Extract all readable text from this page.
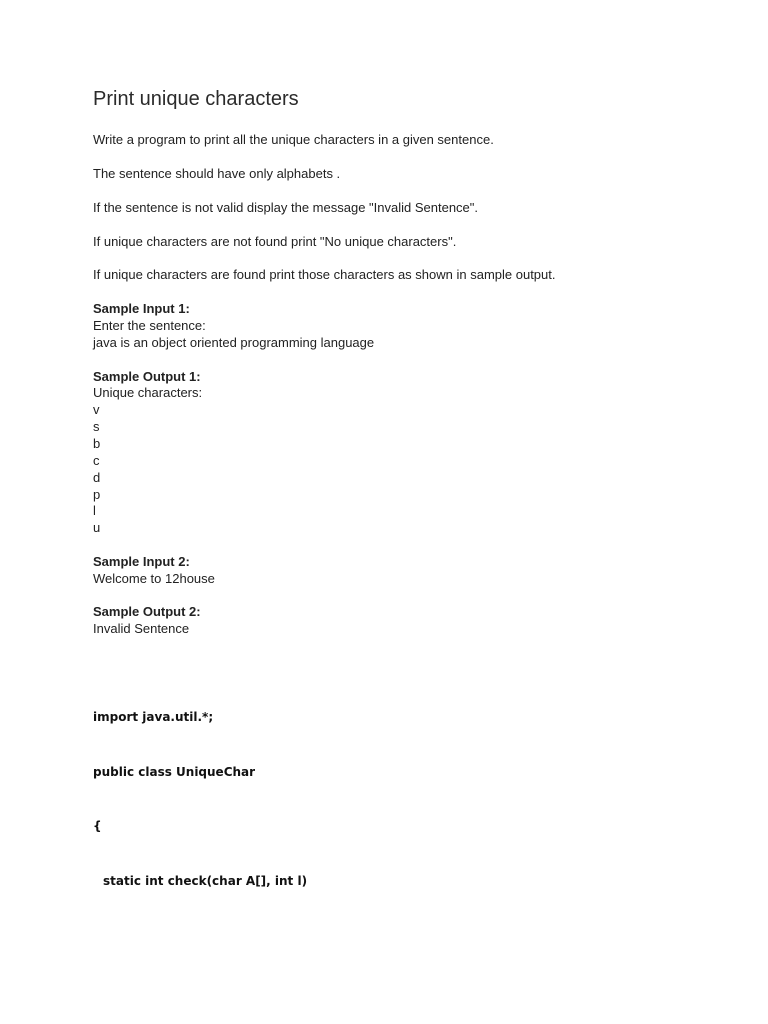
Print unique characters
Write a program to print all the unique characters in a given sentence.
The sentence should have only alphabets .
If the sentence is not valid display the message "Invalid Sentence".
If unique characters are not found print "No unique characters".
If unique characters are found print those characters as shown in sample output.
Sample Input 1:
Enter the sentence:
java is an object oriented programming language
Sample Output 1:
Unique characters:
v
s
b
c
d
p
l
u
Sample Input 2:
Welcome to 12house
Sample Output 2:
Invalid Sentence
import java.util.*;
public class UniqueChar
{
static int check(char A[], int l)
